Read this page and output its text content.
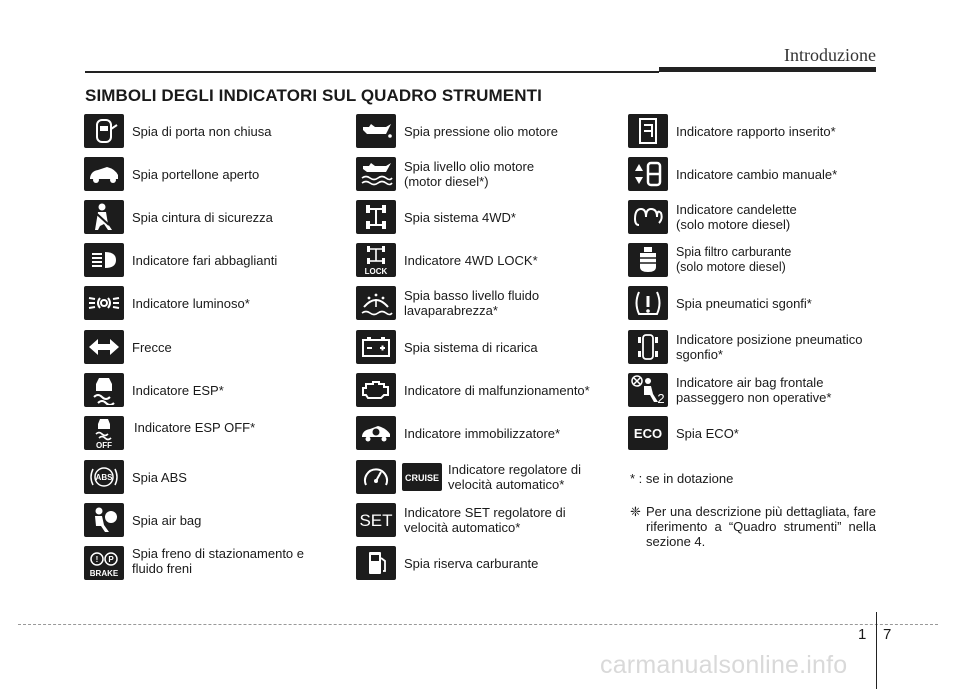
Introduzione
SIMBOLI DEGLI INDICATORI SUL QUADRO STRUMENTI
Spia di porta non chiusa
Spia portellone aperto
Spia cintura di sicurezza
Indicatore fari abbaglianti
Indicatore luminoso*
Frecce
Indicatore ESP*
OFF
Indicatore ESP OFF*
ABS Spia ABS
Spia air bag
! P
BRAKE
Spia freno di stazionamento e
fluido freni
Spia pressione olio motore
Spia livello olio motore
(motor diesel*)
Spia sistema 4WD*
LOCK
Indicatore 4WD LOCK*
Spia basso livello fluido
lavaparabrezza*
Spia sistema di ricarica
Indicatore di malfunzionamento*
Indicatore immobilizzatore*
CRUISE
Indicatore regolatore di
velocità automatico*
SET Indicatore SET regolatore di
velocità automatico*
Spia riserva carburante
Indicatore rapporto inserito*
Indicatore cambio manuale*
Indicatore candelette
(solo motore diesel)
Spia filtro carburante
(solo motore diesel)
Spia pneumatici sgonfi*
Indicatore posizione pneumatico
sgonfio*
2
Indicatore air bag frontale
passeggero non operative*
ECO Spia ECO*
* : se in dotazione
❈ Per una descrizione più dettagliata, fare riferimento a “Quadro strumenti” nella sezione 4.
1 7
carmanualsonline.info
